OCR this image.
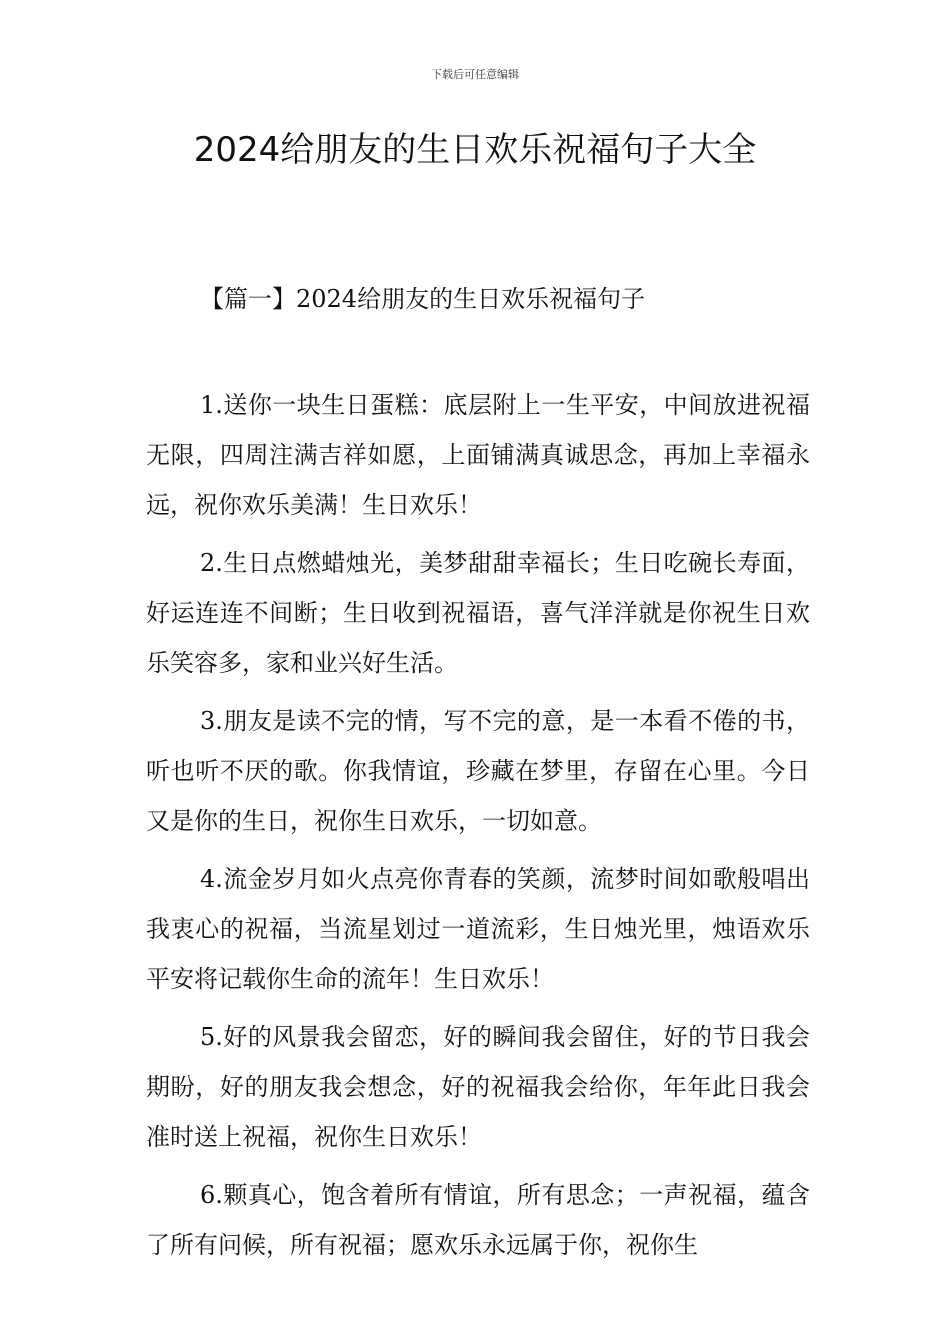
下载后可任意编辑
2024给朋友的生日欢乐祝福句子大全
【篇一】2024给朋友的生日欢乐祝福句子

1.送你一块生日蛋糕：底层附上一生平安，中间放进祝福无限，四周注满吉祥如愿，上面铺满真诚思念，再加上幸福永远，祝你欢乐美满！生日欢乐！

2.生日点燃蜡烛光，美梦甜甜幸福长；生日吃碗长寿面，好运连连不间断；生日收到祝福语，喜气洋洋就是你祝生日欢乐笑容多，家和业兴好生活。

3.朋友是读不完的情，写不完的意，是一本看不倦的书，听也听不厌的歌。你我情谊，珍藏在梦里，存留在心里。今日又是你的生日，祝你生日欢乐，一切如意。

4.流金岁月如火点亮你青春的笑颜，流梦时间如歌般唱出我衷心的祝福，当流星划过一道流彩，生日烛光里，烛语欢乐平安将记载你生命的流年！生日欢乐！

5.好的风景我会留恋，好的瞬间我会留住，好的节日我会期盼，好的朋友我会想念，好的祝福我会给你，年年此日我会准时送上祝福，祝你生日欢乐！

6.颗真心，饱含着所有情谊，所有思念；一声祝福，蕴含了所有问候，所有祝福；愿欢乐永远属于你，祝你生
